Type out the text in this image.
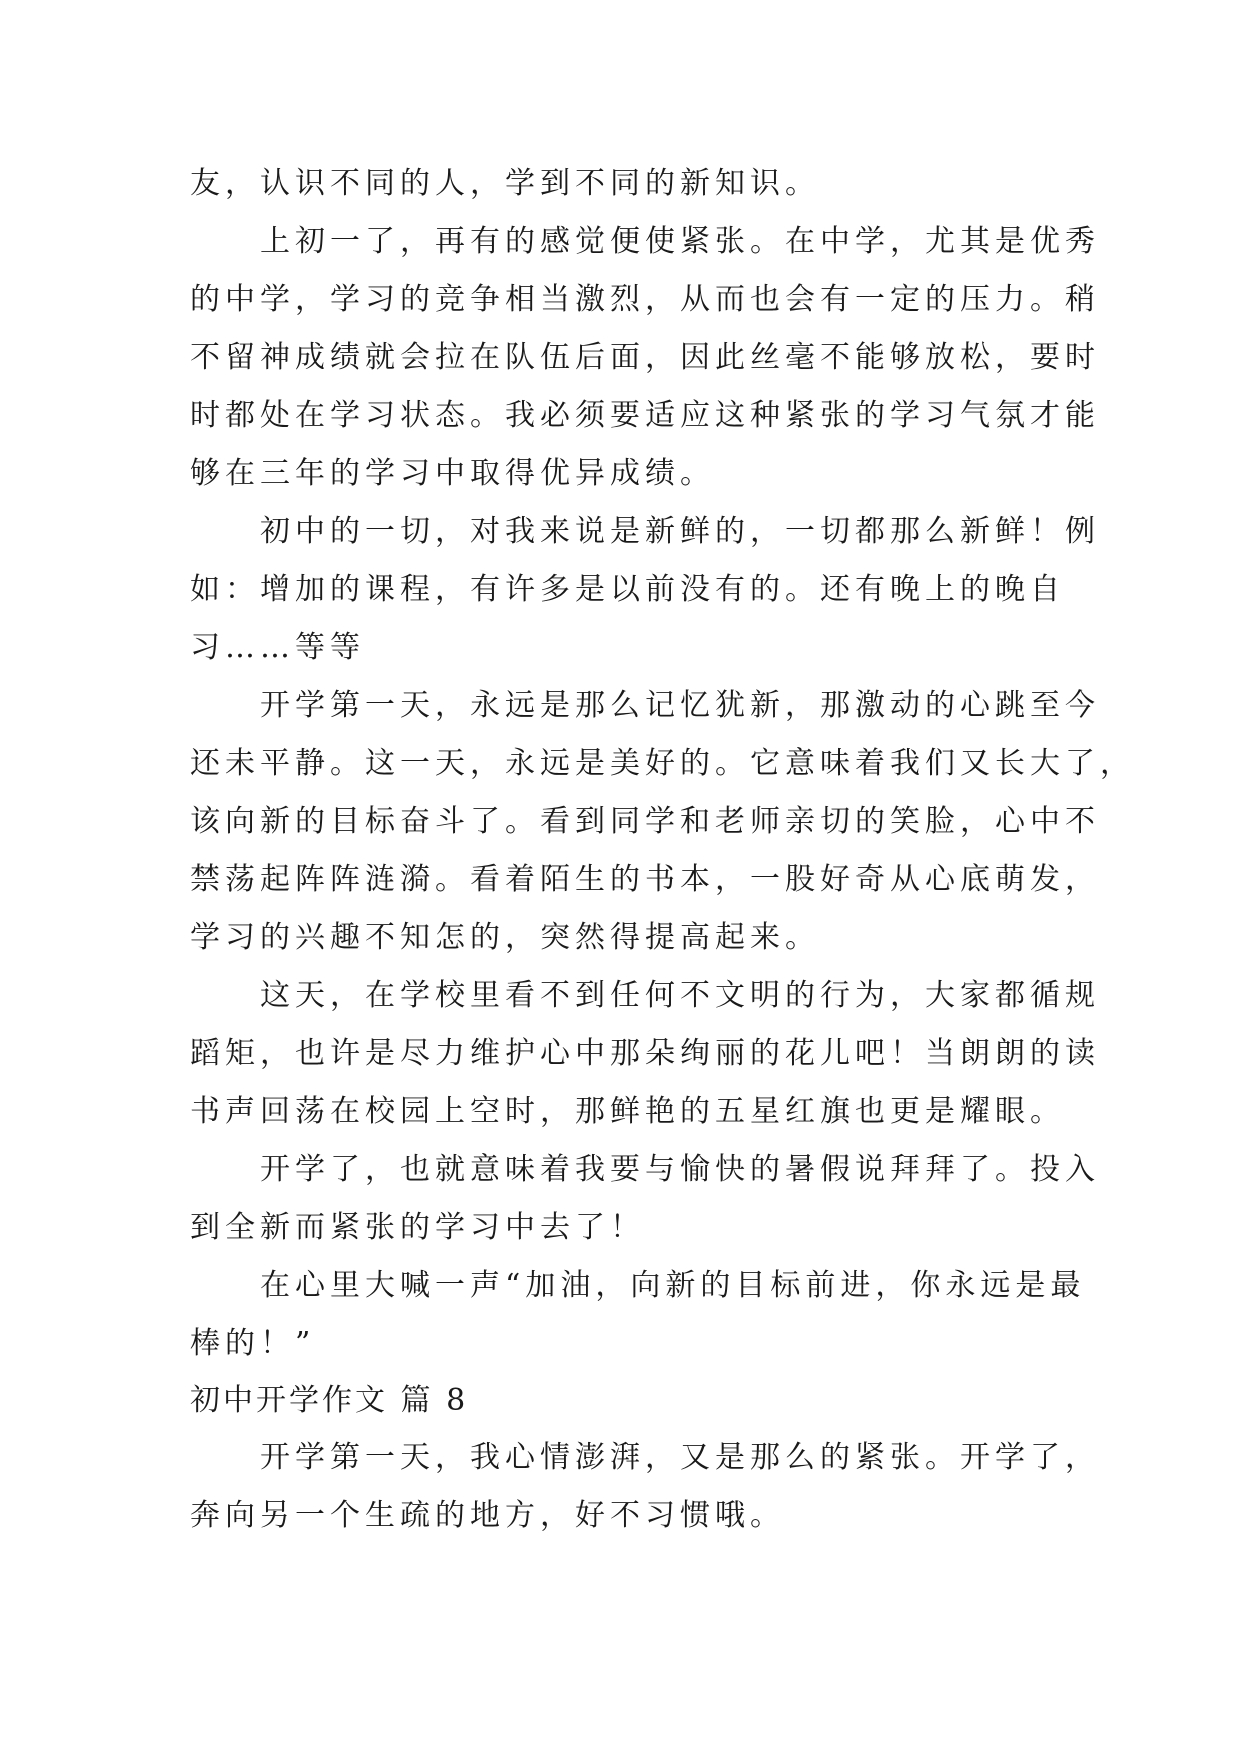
友，认识不同的人，学到不同的新知识。
　　上初一了，再有的感觉便使紧张。在中学，尤其是优秀
的中学，学习的竞争相当激烈，从而也会有一定的压力。稍
不留神成绩就会拉在队伍后面，因此丝毫不能够放松，要时
时都处在学习状态。我必须要适应这种紧张的学习气氛才能
够在三年的学习中取得优异成绩。
　　初中的一切，对我来说是新鲜的，一切都那么新鲜！例
如：增加的课程，有许多是以前没有的。还有晚上的晚自
习……等等
　　开学第一天，永远是那么记忆犹新，那激动的心跳至今
还未平静。这一天，永远是美好的。它意味着我们又长大了，
该向新的目标奋斗了。看到同学和老师亲切的笑脸，心中不
禁荡起阵阵涟漪。看着陌生的书本，一股好奇从心底萌发，
学习的兴趣不知怎的，突然得提高起来。
　　这天，在学校里看不到任何不文明的行为，大家都循规
蹈矩，也许是尽力维护心中那朵绚丽的花儿吧！当朗朗的读
书声回荡在校园上空时，那鲜艳的五星红旗也更是耀眼。
　　开学了，也就意味着我要与愉快的暑假说拜拜了。投入
到全新而紧张的学习中去了！
　　在心里大喊一声“加油，向新的目标前进，你永远是最
棒的！”
初中开学作文 篇 8
　　开学第一天，我心情澎湃，又是那么的紧张。开学了，
奔向另一个生疏的地方，好不习惯哦。
